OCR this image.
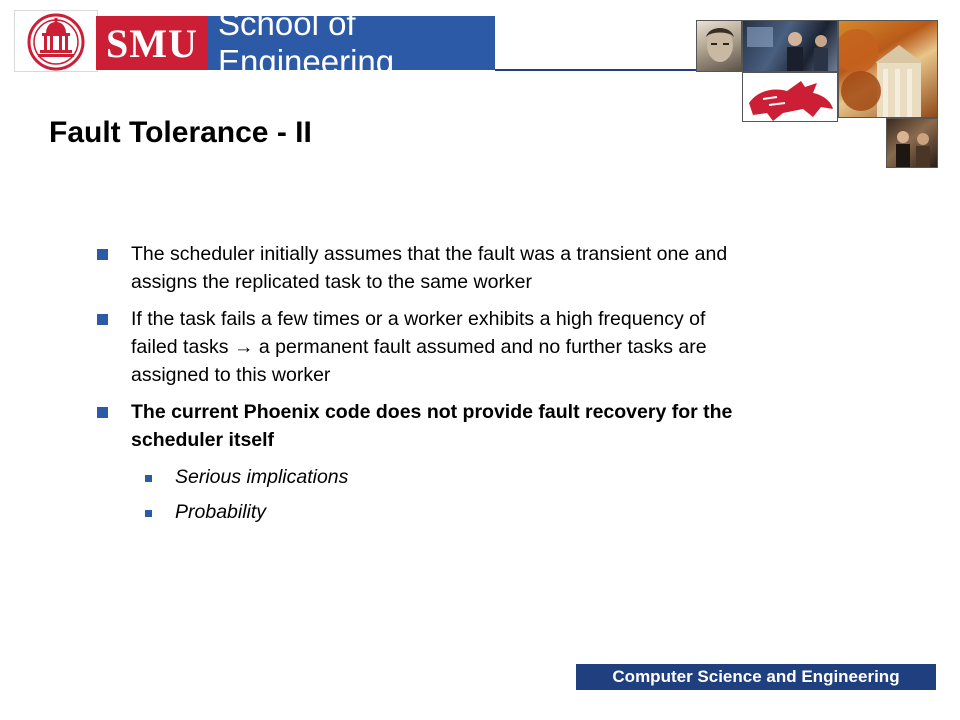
SMU School of Engineering
Fault Tolerance - II
The scheduler initially assumes that the fault was a transient one and assigns the replicated task to the same worker
If the task fails a few times or a worker exhibits a high frequency of failed tasks → a permanent fault assumed and no further tasks are assigned to this worker
The current Phoenix code does not provide fault recovery for the scheduler itself
Serious implications
Probability
Computer Science and Engineering
